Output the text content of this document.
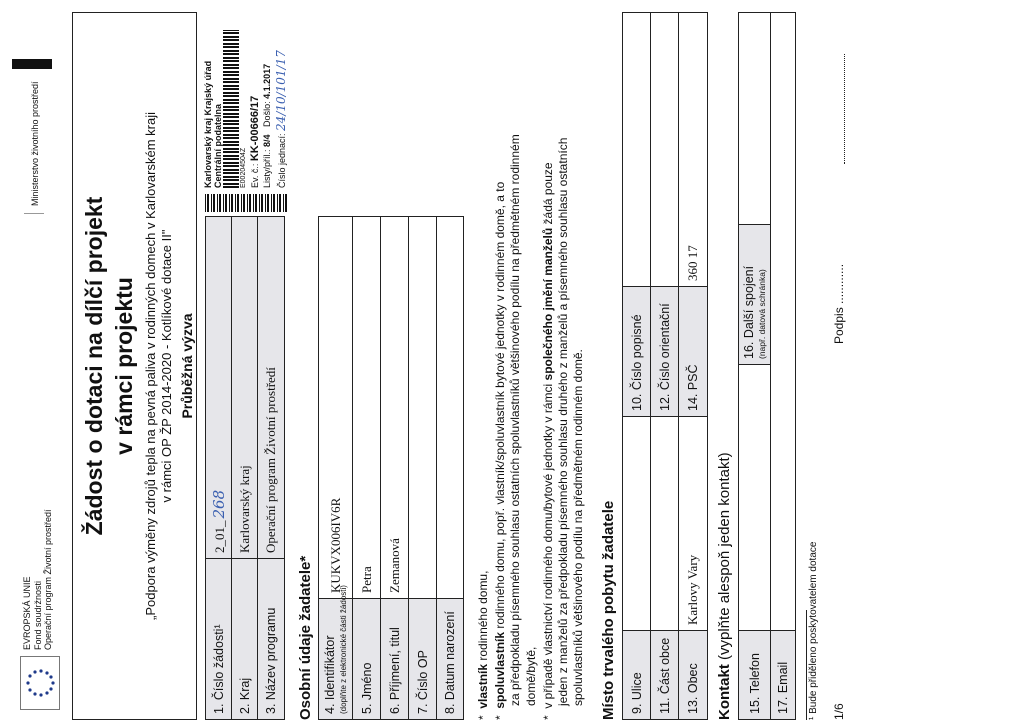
EVROPSKÁ UNIE Fond soudržnosti Operační program Životní prostředí
Ministerstvo životního prostředí
Žádost o dotaci na dílčí projekt v rámci projektu „Podpora výměny zdrojů tepla na pevná paliva v rodinných domech v Karlovarském kraji v rámci OP ŽP 2014-2020 - Kotlíkové dotace II" Průběžná výzva
1. Číslo žádosti¹
2_01_268
2. Kraj
Karlovarský kraj
3. Název programu
Operační program Životní prostředí
Karlovarský kraj Krajský úřad Centrální podatelna E00204504Z Ev. č.: KK-00666/17
Listy/příl.: 8/4   Došlo: 4.1.2017
Číslo jednací: 24/10/101/17
Osobní údaje žadatele* 4. Identifikátor (doplňte z elektronické části žádosti)
KUKVX006IV6R
5. Jméno
Petra
6. Příjmení, titul
Zemanová
7. Číslo OP 8. Datum narození
*  vlastník rodinného domu,
*  spoluvlastník rodinného domu, popř. vlastník/spoluvlastník bytové jednotky v rodinném domě, a to za předpokladu písemného souhlasu ostatních spoluvlastníků většinového podílu na předmětném rodinném domě/bytě,
*  v případě vlastnictví rodinného domu/bytové jednotky v rámci společného jmění manželů žádá pouze jeden z manželů za předpokladu písemného souhlasu druhého z manželů a písemného souhlasu ostatních spoluvlastníků většinového podílu na předmětném rodinném domě. Místo trvalého pobytu žadatele 9. Ulice
10. Číslo popisné
11. Část obce
12. Číslo orientační
13. Obec
Karlovy Vary
14. PSČ
360 17
Kontakt (vyplňte alespoň jeden kontakt)
15. Telefon
16. Další spojení (např. datová schránka)
17. Email ¹ Bude přiděleno poskytovatelem dotace 1/6
Podpis ............
